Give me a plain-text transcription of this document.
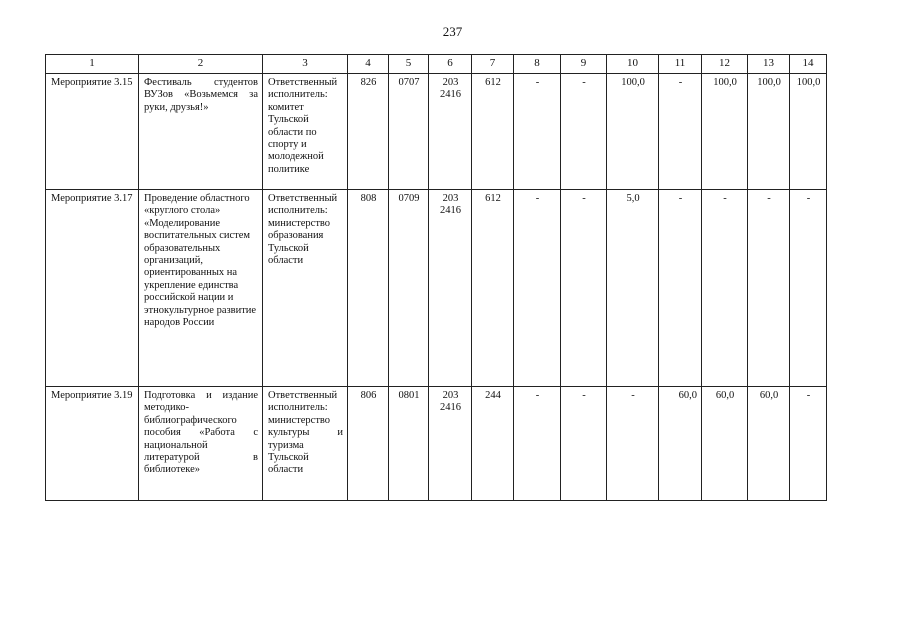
237
1	2	3	4	5	6	7	8	9	10	11	12	13	14
Мероприятие 3.15	Фестиваль студентов ВУЗов «Возьмемся за руки, друзья!»	Ответственный исполнитель: комитет Тульской области по спорту и молодежной политике	826	0707	203 2416	612	-	-	100,0	-	100,0	100,0	100,0
Мероприятие 3.17	Проведение областного «круглого стола» «Моделирование воспитательных систем образовательных организаций, ориентированных на укрепление единства российской нации и этнокультурное развитие народов России	Ответственный исполнитель: министерство образования Тульской области	808	0709	203 2416	612	-	-	5,0	-	-	-	-
Мероприятие 3.19	Подготовка и издание методико-библиографического пособия «Работа с национальной литературой в библиотеке»	Ответственный исполнитель: министерство культуры и туризма Тульской области	806	0801	203 2416	244	-	-	-	60,0	60,0	60,0	-
